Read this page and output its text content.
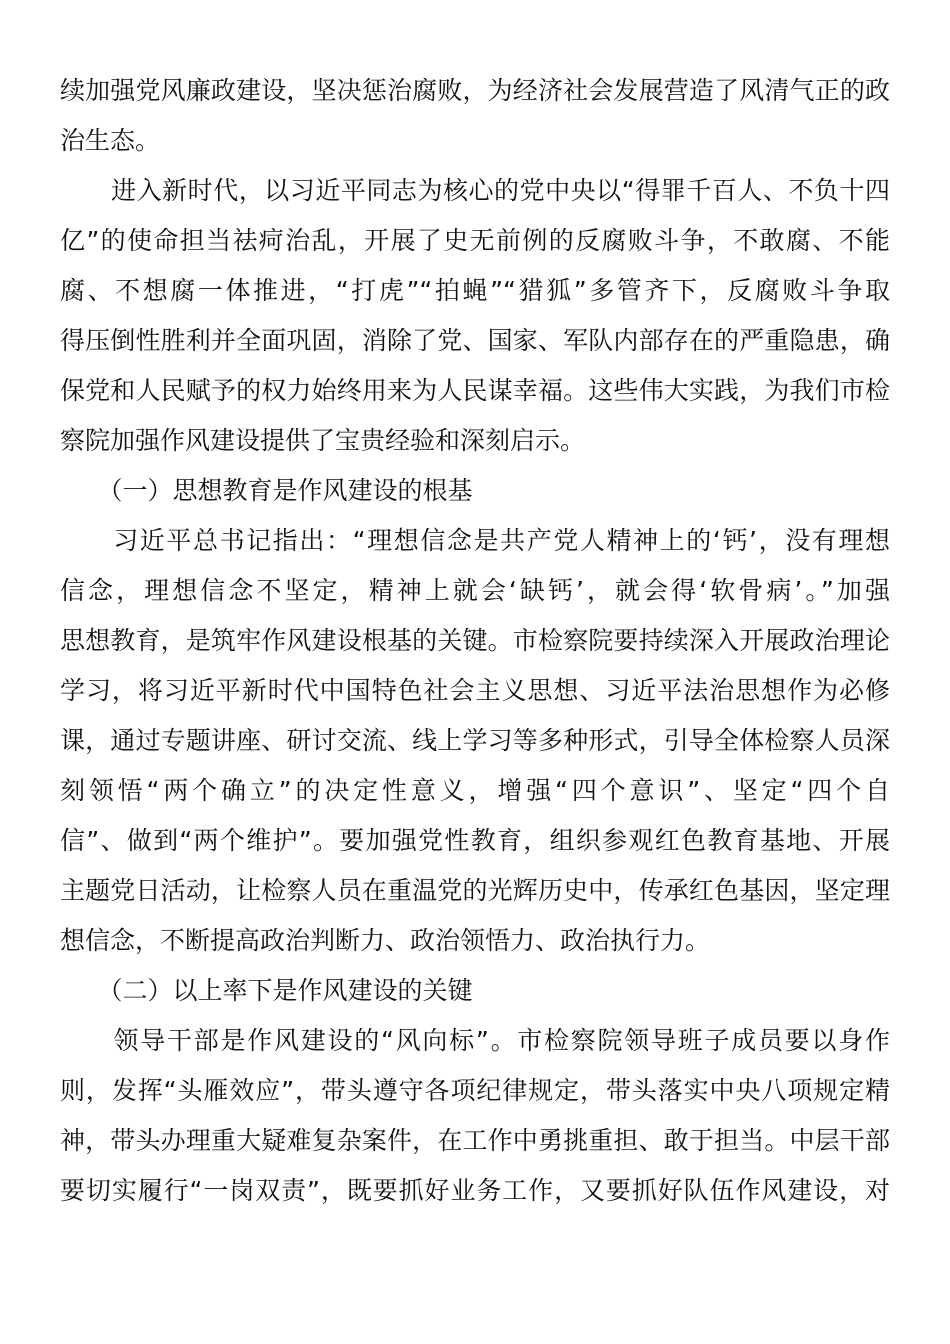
续加强党风廉政建设，坚决惩治腐败，为经济社会发展营造了风清气正的政
治生态。
　　进入新时代，以习近平同志为核心的党中央以“得罪千百人、不负十四
亿”的使命担当祛疴治乱，开展了史无前例的反腐败斗争，不敢腐、不能
腐、不想腐一体推进，“打虎”“拍蝇”“猎狐”多管齐下，反腐败斗争取
得压倒性胜利并全面巩固，消除了党、国家、军队内部存在的严重隐患，确
保党和人民赋予的权力始终用来为人民谋幸福。这些伟大实践，为我们市检
察院加强作风建设提供了宝贵经验和深刻启示。
　　（一）思想教育是作风建设的根基
　　习近平总书记指出：“理想信念是共产党人精神上的‘钙’，没有理想
信念，理想信念不坚定，精神上就会‘缺钙’，就会得‘软骨病’。”加强
思想教育，是筑牢作风建设根基的关键。市检察院要持续深入开展政治理论
学习，将习近平新时代中国特色社会主义思想、习近平法治思想作为必修
课，通过专题讲座、研讨交流、线上学习等多种形式，引导全体检察人员深
刻领悟“两个确立”的决定性意义，增强“四个意识”、坚定“四个自
信”、做到“两个维护”。要加强党性教育，组织参观红色教育基地、开展
主题党日活动，让检察人员在重温党的光辉历史中，传承红色基因，坚定理
想信念，不断提高政治判断力、政治领悟力、政治执行力。
　　（二）以上率下是作风建设的关键
　　领导干部是作风建设的“风向标”。市检察院领导班子成员要以身作
则，发挥“头雁效应”，带头遵守各项纪律规定，带头落实中央八项规定精
神，带头办理重大疑难复杂案件，在工作中勇挑重担、敢于担当。中层干部
要切实履行“一岗双责”，既要抓好业务工作，又要抓好队伍作风建设，对
